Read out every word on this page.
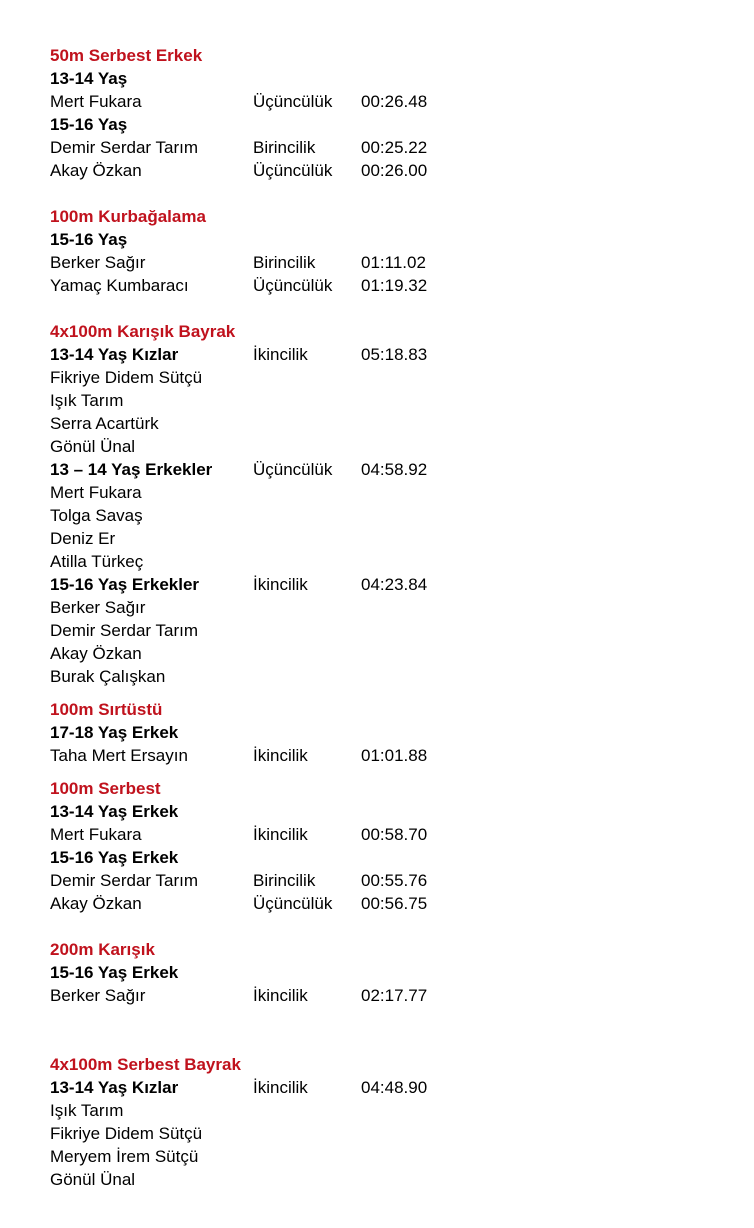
50m Serbest Erkek
13-14 Yaş
Mert Fukara	Üçüncülük 00:26.48
15-16 Yaş
Demir Serdar Tarım	Birincilik	00:25.22
Akay Özkan	Üçüncülük 00:26.00
100m Kurbağalama
15-16 Yaş
Berker Sağır	Birincilik	01:11.02
Yamaç Kumbaracı	Üçüncülük 01:19.32
4x100m Karışık Bayrak
13-14 Yaş Kızlar	İkincilik	05:18.83
Fikriye Didem Sütçü
Işık Tarım
Serra Acartürk
Gönül Ünal
13 – 14 Yaş Erkekler Üçüncülük 04:58.92
Mert Fukara
Tolga Savaş
Deniz Er
Atilla Türkeç
15-16 Yaş Erkekler	İkincilik	04:23.84
Berker Sağır
Demir Serdar Tarım
Akay Özkan
Burak Çalışkan
100m Sırtüstü
17-18 Yaş Erkek
Taha Mert Ersayın	İkincilik	01:01.88
100m Serbest
13-14 Yaş Erkek
Mert Fukara	İkincilik	00:58.70
15-16 Yaş Erkek
Demir Serdar Tarım	Birincilik	00:55.76
Akay Özkan	Üçüncülük 00:56.75
200m Karışık
15-16 Yaş Erkek
Berker Sağır	İkincilik	02:17.77
4x100m Serbest Bayrak
13-14 Yaş Kızlar	İkincilik	04:48.90
Işık Tarım
Fikriye Didem Sütçü
Meryem İrem Sütçü
Gönül Ünal
